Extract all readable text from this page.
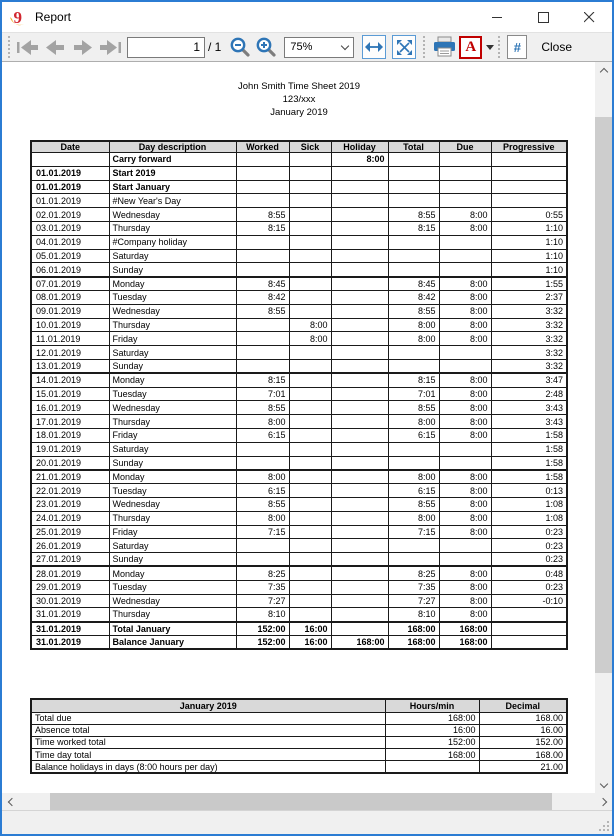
9 Report
1
/ 1	75%	A	#	Close
John Smith Time Sheet 2019
123/xxx
January 2019
Date	Day description	Worked	Sick	Holiday	Total	Due	Progressive
	Carry forward			8:00			
01.01.2019	Start 2019						
01.01.2019	Start January						
01.01.2019	#New Year's Day						
02.01.2019	Wednesday	8:55			8:55	8:00	0:55
03.01.2019	Thursday	8:15			8:15	8:00	1:10
04.01.2019	#Company holiday						1:10
05.01.2019	Saturday						1:10
06.01.2019	Sunday						1:10
07.01.2019	Monday	8:45			8:45	8:00	1:55
08.01.2019	Tuesday	8:42			8:42	8:00	2:37
09.01.2019	Wednesday	8:55			8:55	8:00	3:32
10.01.2019	Thursday		8:00		8:00	8:00	3:32
11.01.2019	Friday		8:00		8:00	8:00	3:32
12.01.2019	Saturday						3:32
13.01.2019	Sunday						3:32
14.01.2019	Monday	8:15			8:15	8:00	3:47
15.01.2019	Tuesday	7:01			7:01	8:00	2:48
16.01.2019	Wednesday	8:55			8:55	8:00	3:43
17.01.2019	Thursday	8:00			8:00	8:00	3:43
18.01.2019	Friday	6:15			6:15	8:00	1:58
19.01.2019	Saturday						1:58
20.01.2019	Sunday						1:58
21.01.2019	Monday	8:00			8:00	8:00	1:58
22.01.2019	Tuesday	6:15			6:15	8:00	0:13
23.01.2019	Wednesday	8:55			8:55	8:00	1:08
24.01.2019	Thursday	8:00			8:00	8:00	1:08
25.01.2019	Friday	7:15			7:15	8:00	0:23
26.01.2019	Saturday						0:23
27.01.2019	Sunday						0:23
28.01.2019	Monday	8:25			8:25	8:00	0:48
29.01.2019	Tuesday	7:35			7:35	8:00	0:23
30.01.2019	Wednesday	7:27			7:27	8:00	-0:10
31.01.2019	Thursday	8:10			8:10	8:00	
31.01.2019	Total January	152:00	16:00		168:00	168:00	
31.01.2019	Balance January	152:00	16:00	168:00	168:00	168:00	
January 2019	Hours/min	Decimal
Total due	168:00	168.00
Absence total	16:00	16.00
Time worked total	152:00	152.00
Time day total	168:00	168.00
Balance holidays in days (8:00 hours per day)		21.00
